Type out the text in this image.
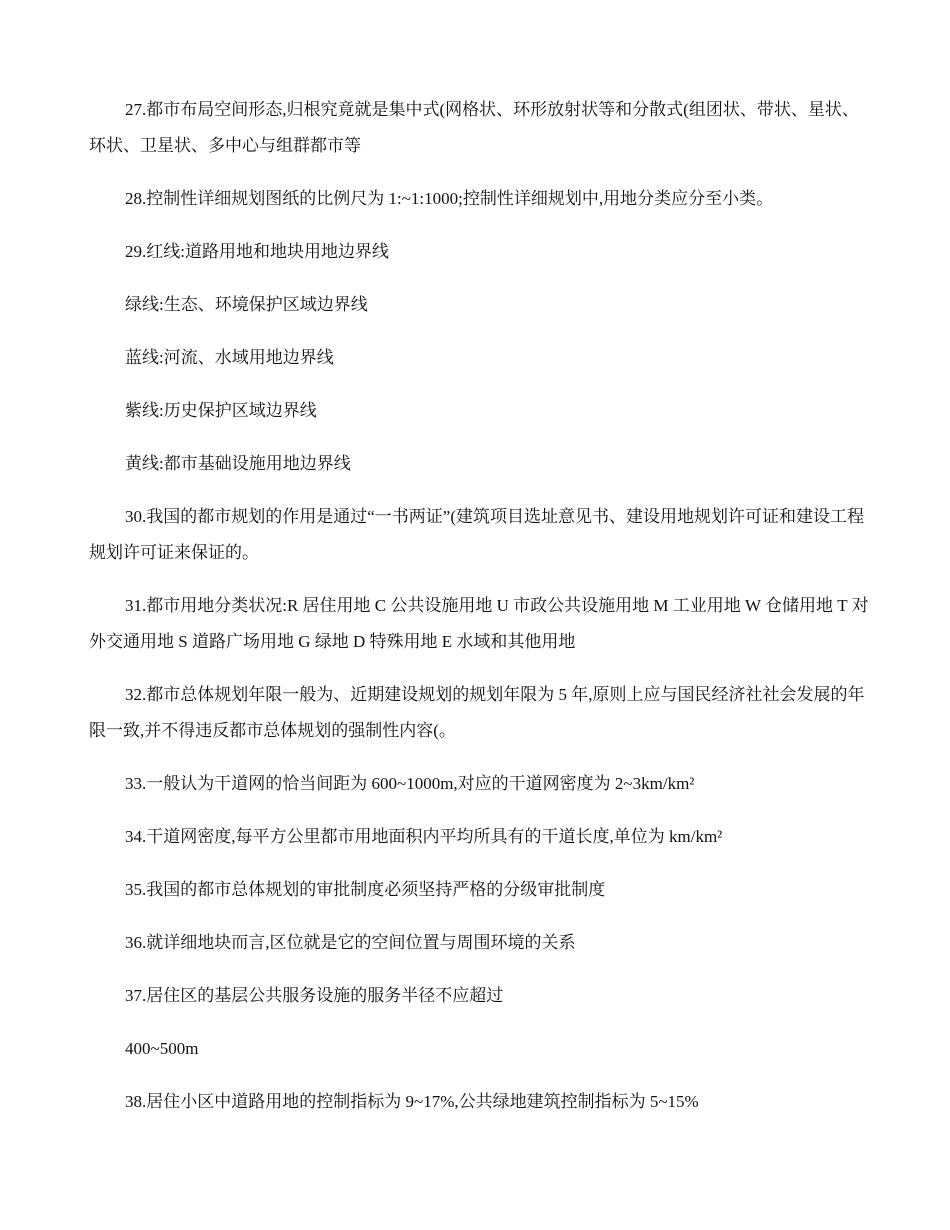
27.都市布局空间形态,归根究竟就是集中式(网格状、环形放射状等和分散式(组团状、带状、星状、环状、卫星状、多中心与组群都市等

28.控制性详细规划图纸的比例尺为 1:~1:1000;控制性详细规划中,用地分类应分至小类。

29.红线:道路用地和地块用地边界线

绿线:生态、环境保护区域边界线

蓝线:河流、水域用地边界线

紫线:历史保护区域边界线

黄线:都市基础设施用地边界线

30.我国的都市规划的作用是通过“一书两证”(建筑项目选址意见书、建设用地规划许可证和建设工程规划许可证来保证的。

31.都市用地分类状况:R 居住用地 C 公共设施用地 U 市政公共设施用地 M 工业用地 W 仓储用地 T 对外交通用地 S 道路广场用地 G 绿地 D 特殊用地 E 水域和其他用地

32.都市总体规划年限一般为、近期建设规划的规划年限为 5 年,原则上应与国民经济社社会发展的年限一致,并不得违反都市总体规划的强制性内容(。

33.一般认为干道网的恰当间距为 600~1000m,对应的干道网密度为 2~3km/km²

34.干道网密度,每平方公里都市用地面积内平均所具有的干道长度,单位为 km/km²

35.我国的都市总体规划的审批制度必须坚持严格的分级审批制度

36.就详细地块而言,区位就是它的空间位置与周围环境的关系

37.居住区的基层公共服务设施的服务半径不应超过

400~500m

38.居住小区中道路用地的控制指标为 9~17%,公共绿地建筑控制指标为 5~15%
